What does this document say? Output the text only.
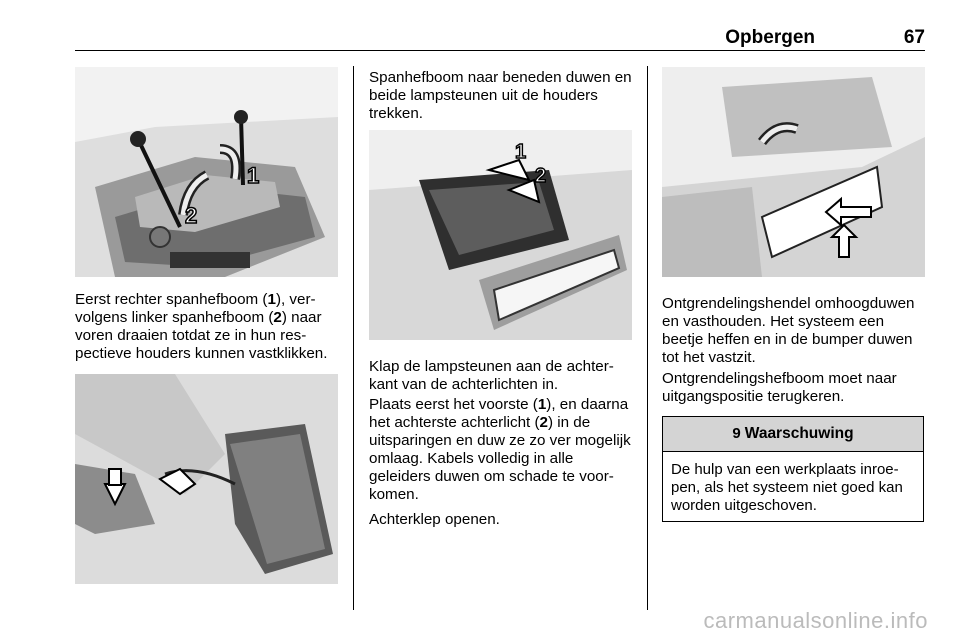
Opbergen	67
1
2

Eerst rechter spanhefboom (1), vervolgens linker spanhefboom (2) naar voren draaien totdat ze in hun respectieve houders kunnen vastklikken.

Spanhefboom naar beneden duwen en beide lampsteunen uit de houders trekken.

1
2

Klap de lampsteunen aan de achterkant van de achterlichten in.

Plaats eerst het voorste (1), en daarna het achterste achterlicht (2) in de uitsparingen en duw ze zo ver mogelijk omlaag. Kabels volledig in alle geleiders duwen om schade te voorkomen.

Achterklep openen.

Ontgrendelingshendel omhoogduwen en vasthouden. Het systeem een beetje heffen en in de bumper duwen tot het vastzit.

Ontgrendelingshefboom moet naar uitgangspositie terugkeren.

9 Waarschuwing
De hulp van een werkplaats inroepen, als het systeem niet goed kan worden uitgeschoven.
carmanualsonline.info
